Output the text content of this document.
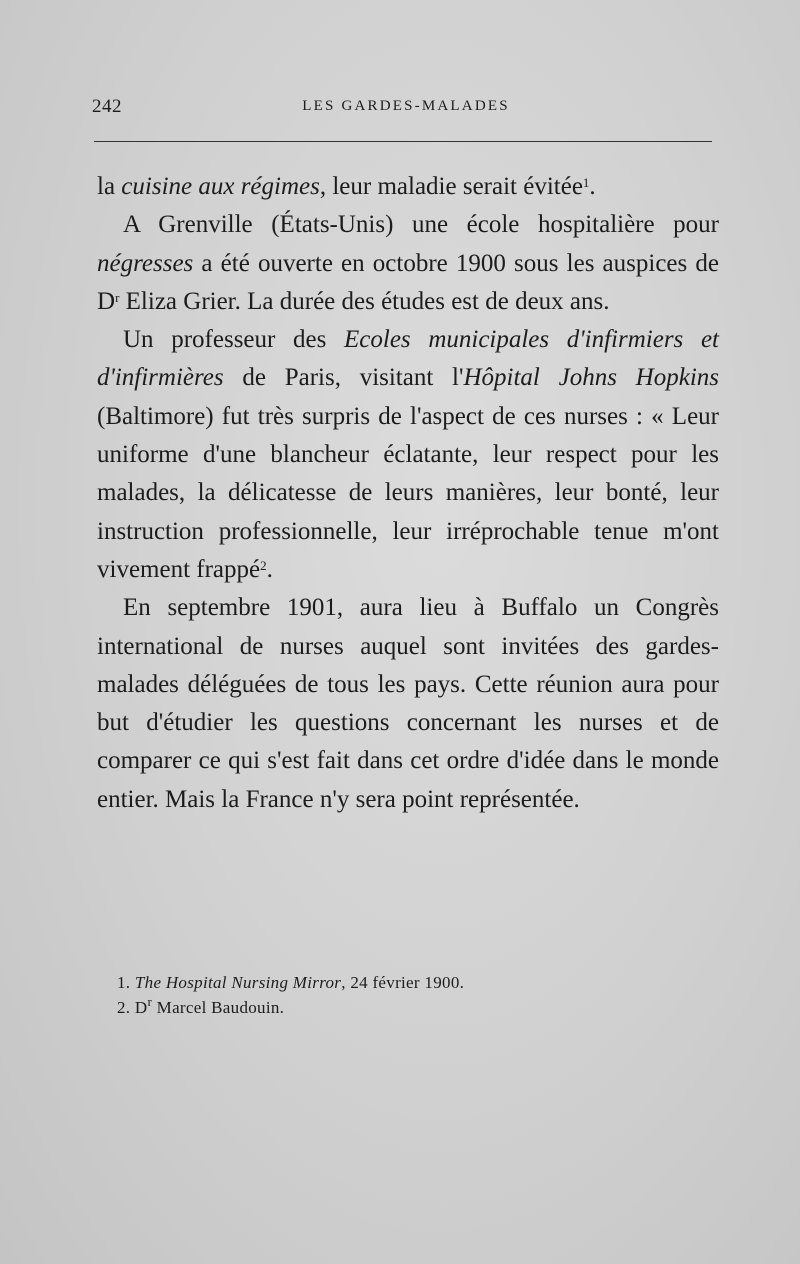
242	LES GARDES-MALADES

la cuisine aux régimes, leur maladie serait évitée$^1$.

A Grenville (États-Unis) une école hospitalière pour négresses a été ouverte en octobre 1900 sous les auspices de $D^r$ Eliza Grier. La durée des études est de deux ans.

Un professeur des Ecoles municipales d'infirmiers et d'infirmières de Paris, visitant l'Hôpital Johns Hopkins (Baltimore) fut très surpris de l'aspect de ces nurses : « Leur uniforme d'une blancheur éclatante, leur respect pour les malades, la délicatesse de leurs manières, leur bonté, leur instruction professionnelle, leur irréprochable tenue m'ont vivement frappé$^2$.

En septembre 1901, aura lieu à Buffalo un Congrès international de nurses auquel sont invitées des gardes-malades déléguées de tous les pays. Cette réunion aura pour but d'étudier les questions concernant les nurses et de comparer ce qui s'est fait dans cet ordre d'idée dans le monde entier. Mais la France n'y sera point représentée.

1. The Hospital Nursing Mirror, 24 février 1900.

2. $D^r$ Marcel Baudouin.
